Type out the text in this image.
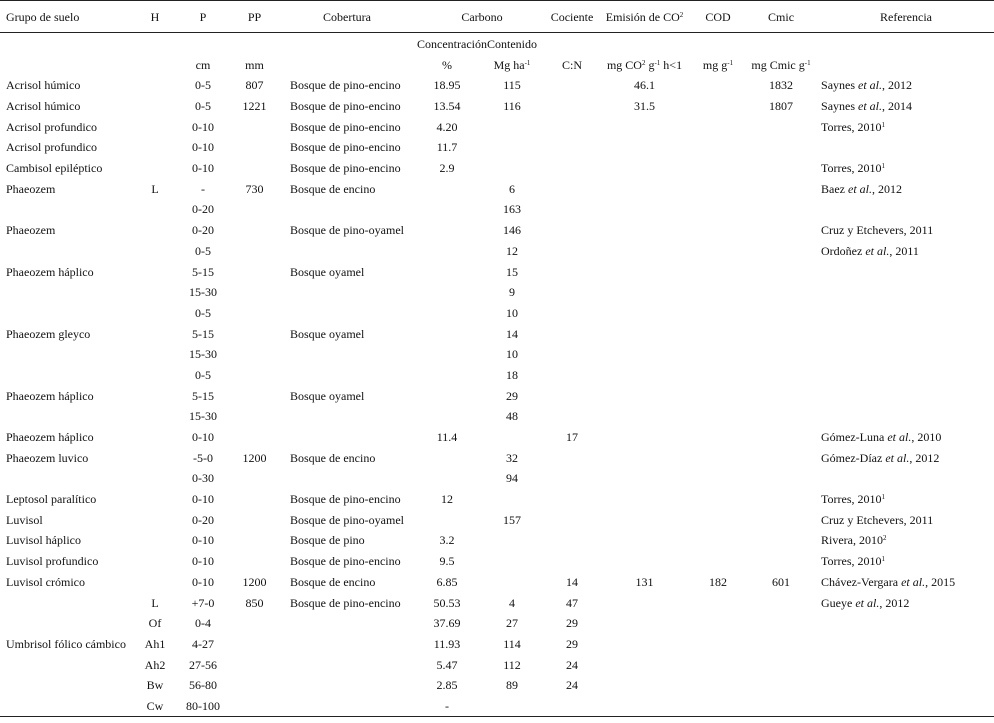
Grupo de suelo	H	P	PP	Cobertura	Carbono		Cociente	Emisión de $CO^2$	COD	Cmic	Referencia
					Concentración	Contenido					
		cm	mm		%	Mg $ha^{-1}$	C:N	mg $CO^2$ $g^{-1}$ h<1	mg $g^{-1}$	mg Cmic $g^{-1}$	
Acrisol húmico		0-5	807	Bosque de pino-encino	18.95	115		46.1		1832	Saynes et al., 2012
Acrisol húmico		0-5	1221	Bosque de pino-encino	13.54	116		31.5		1807	Saynes et al., 2014
Acrisol profundico		0-10		Bosque de pino-encino	4.20						Torres, 2010$^1$
Acrisol profundico		0-10		Bosque de pino-encino	11.7						
Cambisol epiléptico		0-10		Bosque de pino-encino	2.9						Torres, 2010$^1$
Phaeozem	L	-	730	Bosque de encino		6					Baez et al., 2012
		0-20				163					
Phaeozem		0-20		Bosque de pino-oyamel		146					Cruz y Etchevers, 2011
		0-5				12					Ordoñez et al., 2011
Phaeozem háplico		5-15		Bosque oyamel		15					
		15-30				9					
		0-5				10					
Phaeozem gleyco		5-15		Bosque oyamel		14					
		15-30				10					
		0-5				18					
Phaeozem háplico		5-15		Bosque oyamel		29					
		15-30				48					
Phaeozem háplico		0-10			11.4		17				Gómez-Luna et al., 2010
Phaeozem luvico		-5-0	1200	Bosque de encino		32					Gómez-Díaz et al., 2012
		0-30				94					
Leptosol paralítico		0-10		Bosque de pino-encino	12						Torres, 2010$^1$
Luvisol		0-20		Bosque de pino-oyamel		157					Cruz y Etchevers, 2011
Luvisol háplico		0-10		Bosque de pino	3.2						Rivera, 2010$^2$
Luvisol profundico		0-10		Bosque de pino-encino	9.5						Torres, 2010$^1$
Luvisol crómico		0-10	1200	Bosque de encino	6.85		14	131	182	601	Chávez-Vergara et al., 2015
	L	+7-0	850	Bosque de pino-encino	50.53	4	47				Gueye et al., 2012
	Of	0-4			37.69	27	29				
Umbrisol fólico cámbico	Ah1	4-27			11.93	114	29				
	Ah2	27-56			5.47	112	24				
	Bw	56-80			2.85	89	24				
	Cw	80-100			-						
